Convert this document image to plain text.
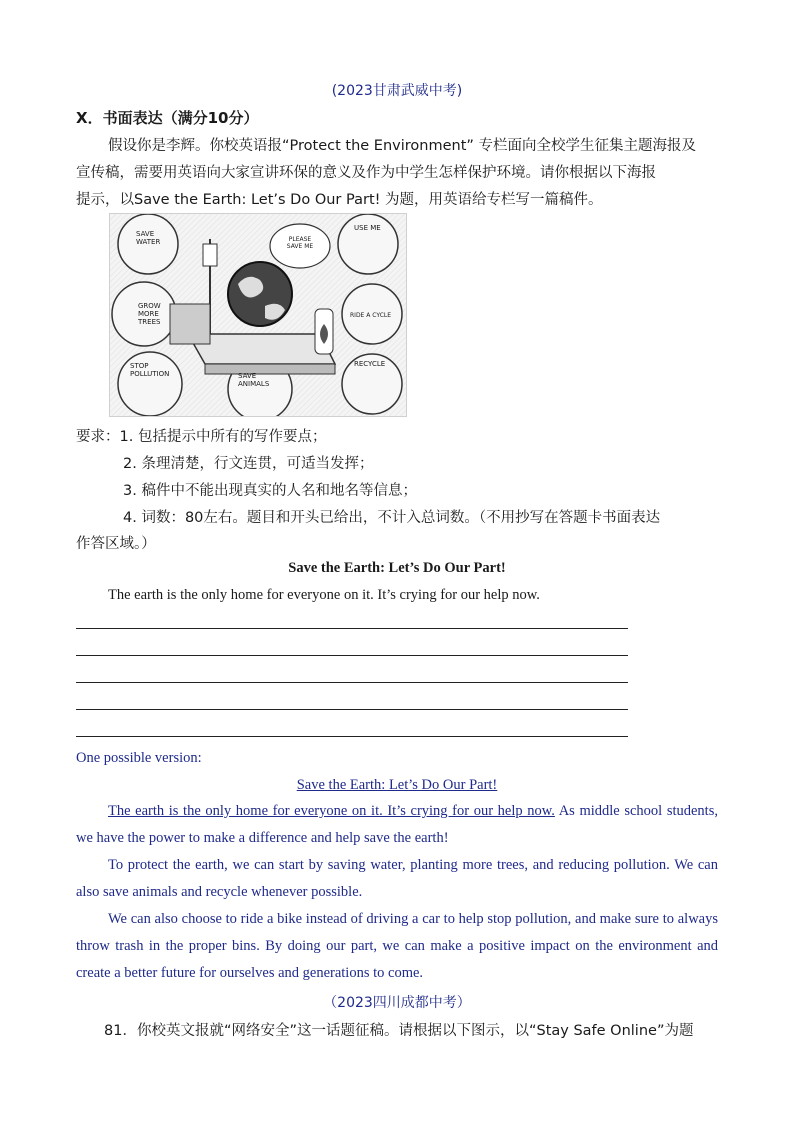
(2023甘肃武威中考)
X．书面表达（满分10分）
假设你是李辉。你校英语报“Protect the Environment” 专栏面向全校学生征集主题海报及
宣传稿，需要用英语向大家宣讲环保的意义及作为中学生怎样保护环境。请你根据以下海报
提示，以Save the Earth: Let’s Do Our Part! 为题，用英语给专栏写一篇稿件。
SAVE WATER
GROW MORE TREES
STOP POLLUTION	SAVE ANIMALS
PLEASE SAVE ME
USE ME
RIDE A CYCLE
RECYCLE
要求：1. 包括提示中所有的写作要点；
2. 条理清楚，行文连贯，可适当发挥；
3. 稿件中不能出现真实的人名和地名等信息；
4. 词数：80左右。题目和开头已给出，不计入总词数。（不用抄写在答题卡书面表达
作答区域。）
Save the Earth: Let’s Do Our Part!
The earth is the only home for everyone on it. It’s crying for our help now.
One possible version:
Save the Earth: Let’s Do Our Part!
The earth is the only home for everyone on it. It’s crying for our help now. As middle school students, we have the power to make a difference and help save the earth!
To protect the earth, we can start by saving water, planting more trees, and reducing pollution. We can also save animals and recycle whenever possible.
We can also choose to ride a bike instead of driving a car to help stop pollution, and make sure to always throw trash in the proper bins. By doing our part, we can make a positive impact on the environment and create a better future for ourselves and generations to come.
（2023四川成都中考）
81．你校英文报就“网络安全”这一话题征稿。请根据以下图示，以“Stay Safe Online”为题
